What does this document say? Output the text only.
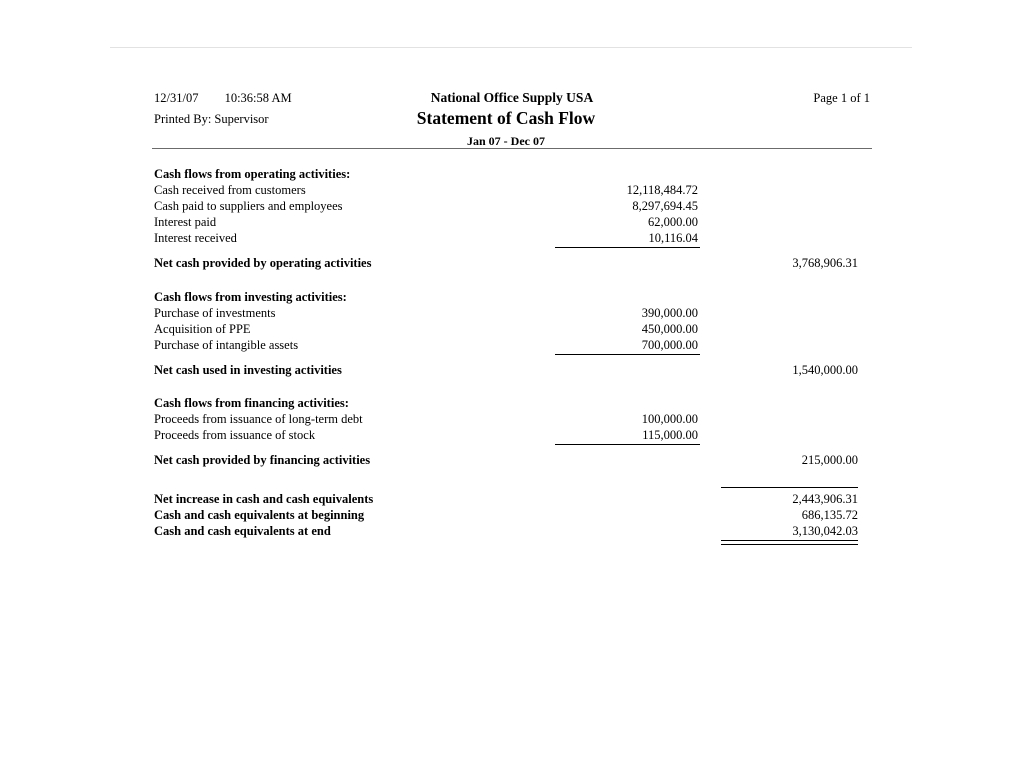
12/31/07 10:36:58 AM	National Office Supply USA	Page 1 of 1
Printed By: Supervisor	Statement of Cash Flow
Jan 07 - Dec 07
Cash flows from operating activities:
Cash received from customers	12,118,484.72
Cash paid to suppliers and employees	8,297,694.45
Interest paid	62,000.00
Interest received	10,116.04
Net cash provided by operating activities	3,768,906.31
Cash flows from investing activities:
Purchase of investments	390,000.00
Acquisition of PPE	450,000.00
Purchase of intangible assets	700,000.00
Net cash used in investing activities	1,540,000.00
Cash flows from financing activities:
Proceeds from issuance of long-term debt	100,000.00
Proceeds from issuance of stock	115,000.00
Net cash provided by financing activities	215,000.00
Net increase in cash and cash equivalents	2,443,906.31
Cash and cash equivalents at beginning	686,135.72
Cash and cash equivalents at end	3,130,042.03
